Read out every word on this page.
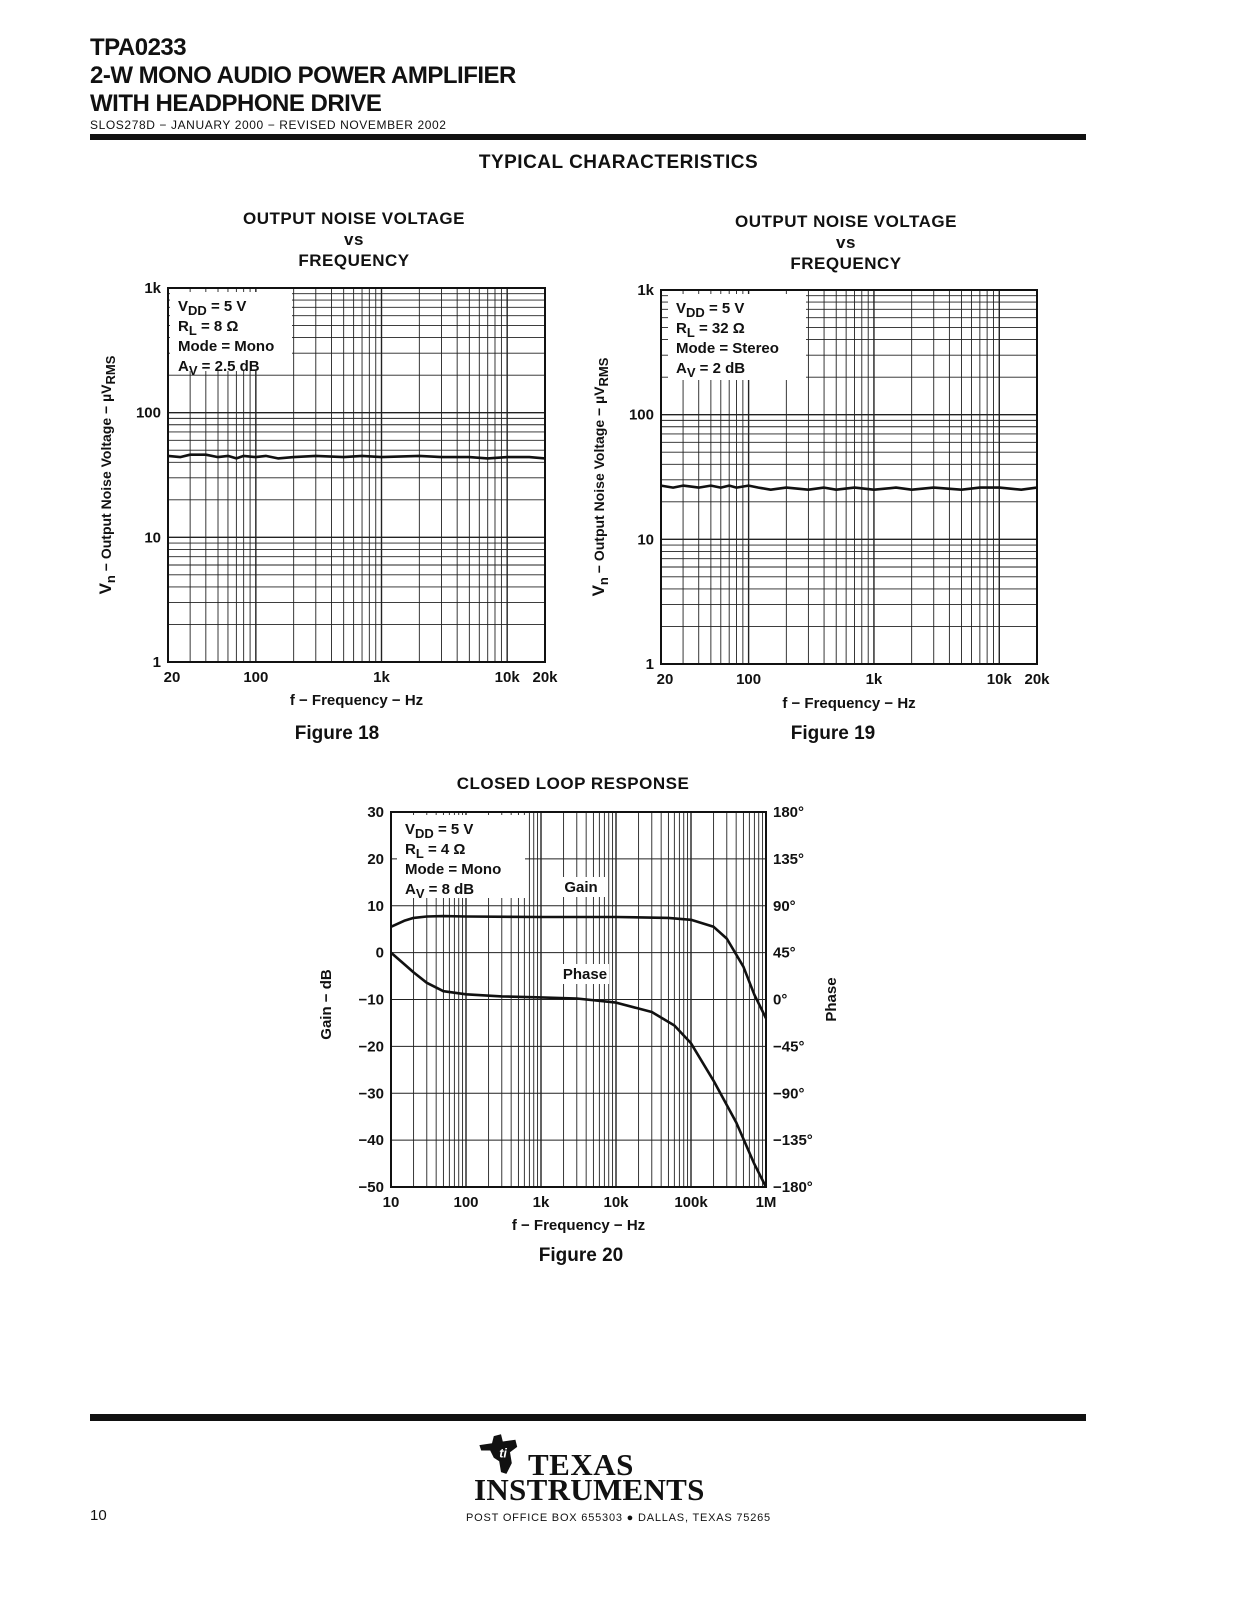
TPA0233
2-W MONO AUDIO POWER AMPLIFIER
WITH HEADPHONE DRIVE
SLOS278D − JANUARY 2000 − REVISED NOVEMBER 2002
TYPICAL CHARACTERISTICS
OUTPUT NOISE VOLTAGE
vs
FREQUENCY
VDD = 5 V
RL = 8 Ω
Mode = Mono
AV = 2.5 dB
20	100	1k	10k 20k
1
10
100
1k
f − Frequency − Hz
Vn − Output Noise Voltage − µVRMS
OUTPUT NOISE VOLTAGE
vs
FREQUENCY
VDD = 5 V
RL = 32 Ω
Mode = Stereo
AV = 2 dB
20	100	1k	10k 20k
1
10
100
1k
f − Frequency − Hz
Vn − Output Noise Voltage − µVRMS
CLOSED LOOP RESPONSE
VDD = 5 V
RL = 4 Ω
Mode = Mono
AV = 8 dB
10	100	1k	10k	100k	1M
30
20
10
0
−10
−20
−30
−40
−50
f − Frequency − Hz
Gain − dB
180°
135°
90°
45°
0°
−45°
−90°
−135°
−180°
Phase
Gain
Phase
Figure 18	Figure 19
Figure 20
10
ti TEXAS
INSTRUMENTS
POST OFFICE BOX 655303 ● DALLAS, TEXAS 75265
